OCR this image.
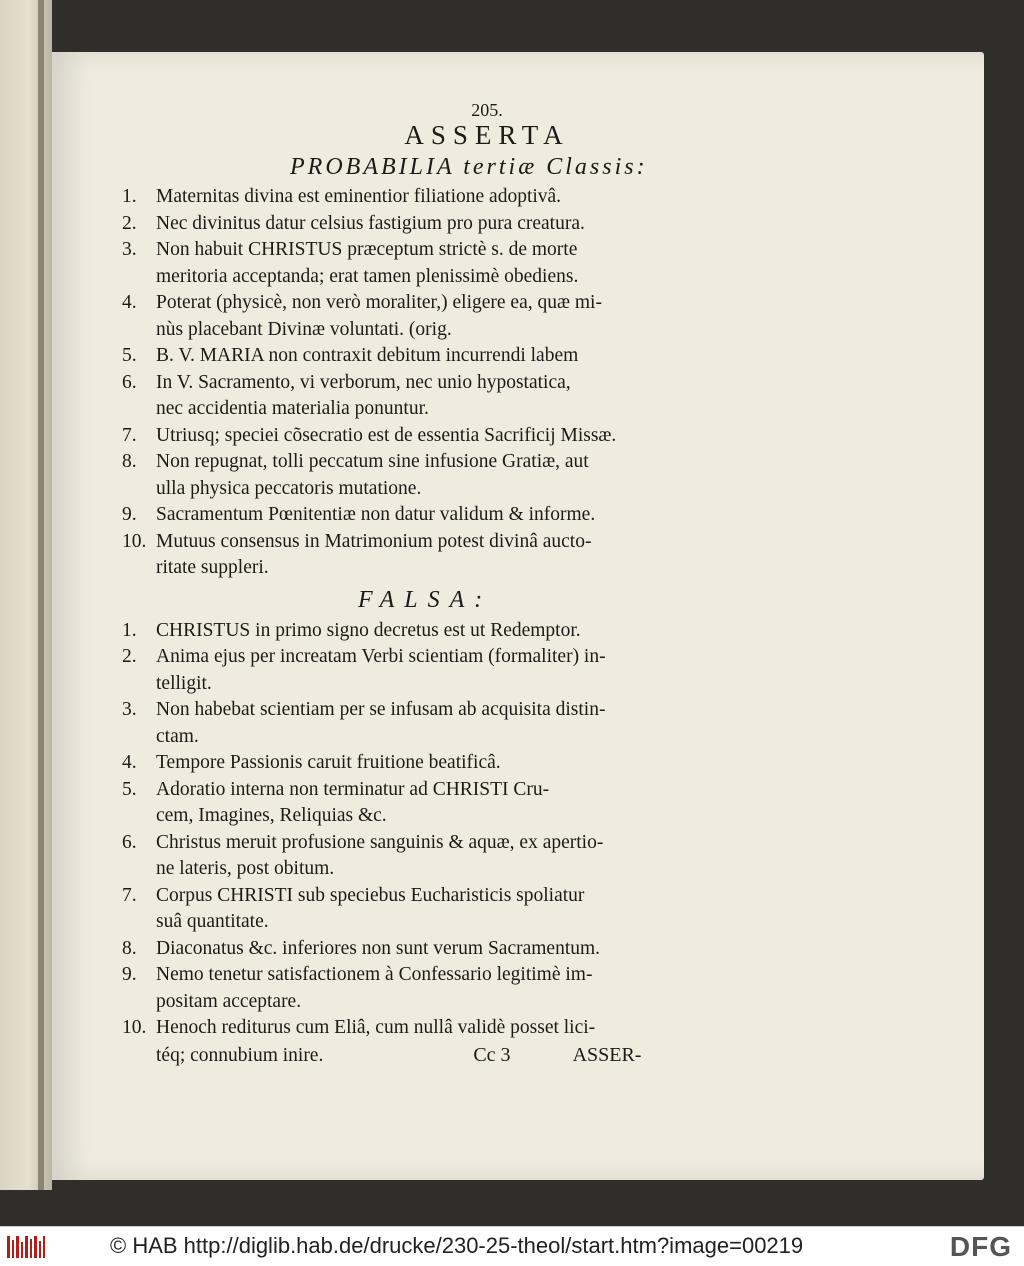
205.
ASSERTA
PROBABILIA tertiæ Classis:
1. Maternitas divina est eminentior filiatione adoptivâ.
2. Nec divinitus datur celsius fastigium pro pura creatura.
3. Non habuit CHRISTUS præceptum strictè s. de morte
meritoria acceptanda; erat tamen plenissimè obediens.
4. Poterat (physicè, non verò moraliter,) eligere ea, quæ mi-
nùs placebant Divinæ voluntati. (orig.
5. B. V. MARIA non contraxit debitum incurrendi labem
6. In V. Sacramento, vi verborum, nec unio hypostatica,
nec accidentia materialia ponuntur.
7. Utriusq; speciei cõsecratio est de essentia Sacrificij Missæ.
8. Non repugnat, tolli peccatum sine infusione Gratiæ, aut
ulla physica peccatoris mutatione.
9. Sacramentum Pœnitentiæ non datur validum & informe.
10. Mutuus consensus in Matrimonium potest divinâ aucto-
ritate suppleri.
FALSA:
1. CHRISTUS in primo signo decretus est ut Redemptor.
2. Anima ejus per increatam Verbi scientiam (formaliter) in-
telligit.
3. Non habebat scientiam per se infusam ab acquisita distin-
ctam.
4. Tempore Passionis caruit fruitione beatificâ.
5. Adoratio interna non terminatur ad CHRISTI Cru-
cem, Imagines, Reliquias &c.
6. Christus meruit profusione sanguinis & aquæ, ex apertio-
ne lateris, post obitum.
7. Corpus CHRISTI sub speciebus Eucharisticis spoliatur
suâ quantitate.
8. Diaconatus &c. inferiores non sunt verum Sacramentum.
9. Nemo tenetur satisfactionem à Confessario legitimè im-
positam acceptare.
10. Henoch rediturus cum Eliâ, cum nullâ validè posset lici-
téq; connubium inire.	Cc 3	ASSER-
© HAB http://diglib.hab.de/drucke/230-25-theol/start.htm?image=00219	DFG
